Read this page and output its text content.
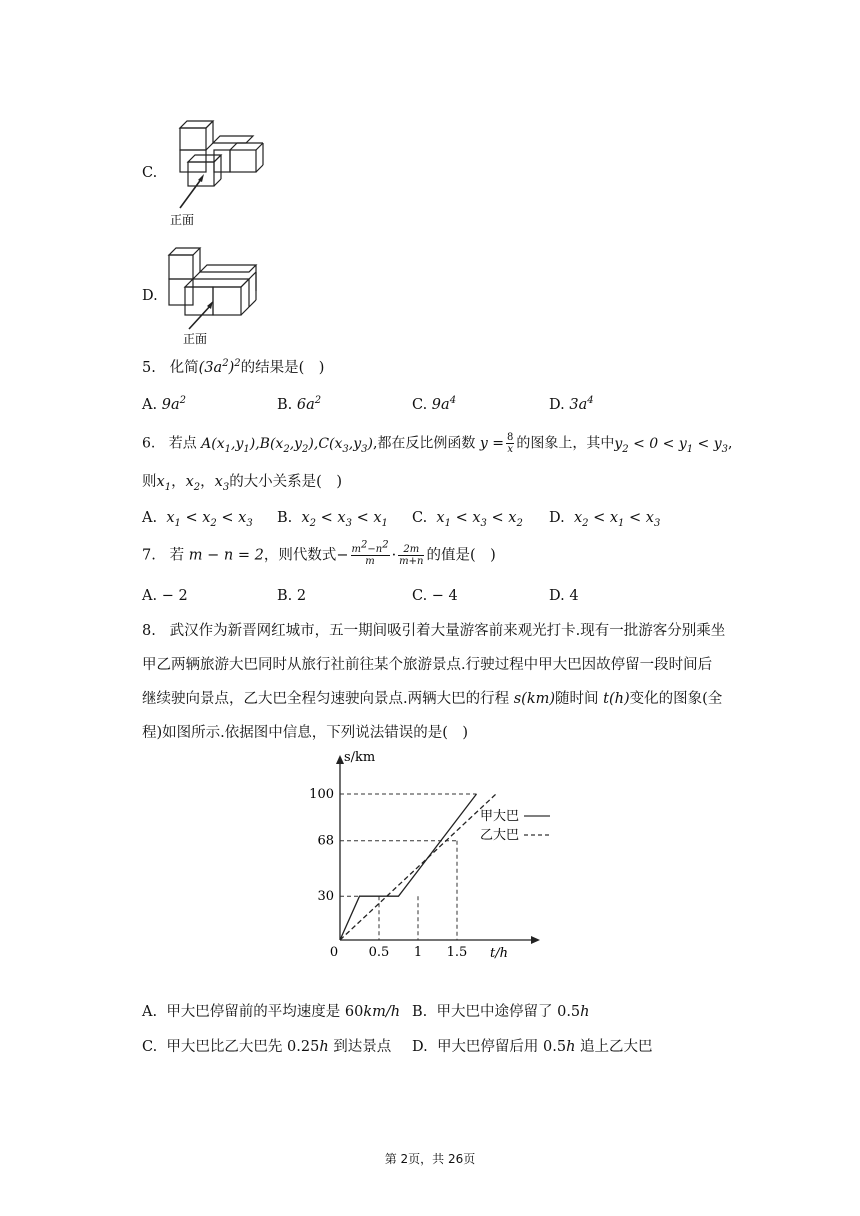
C.
正面
D.
正面
5. 化简$(3a^2)^2$的结果是(　)
A. $9a^2$	B. $6a^2$	C. $9a^4$	D. $3a^4$
6. 若点 $A(x_1,y_1),B(x_2,y_2),C(x_3,y_3)$,都在反比例函数 $y = \frac{8}{x}$ 的图象上，其中$y_2 < 0 < y_1 < y_3$,
则$x_1$，$x_2$，$x_3$的大小关系是(　)
A. $x_1 < x_2 < x_3$ B. $x_2 < x_3 < x_1$ C. $x_1 < x_3 < x_2$ D. $x_2 < x_1 < x_3$
7. 若 m − n = 2，则代数式− $\frac{m^2-n^2}{m} \cdot \frac{2m}{m+n}$ 的值是(　)
A. − 2	B. 2	C. − 4	D. 4
8. 武汉作为新晋网红城市，五一期间吸引着大量游客前来观光打卡.现有一批游客分别乘坐
甲乙两辆旅游大巴同时从旅行社前往某个旅游景点.行驶过程中甲大巴因故停留一段时间后
继续驶向景点，乙大巴全程匀速驶向景点.两辆大巴的行程 s(km)随时间 t(h)变化的图象(全
程)如图所示.依据图中信息，下列说法错误的是(　)
30
68
100
0 0.5 1 1.5
甲大巴
乙大巴
s/km
t/h
A. 甲大巴停留前的平均速度是 60km/h B. 甲大巴中途停留了 0.5h
C. 甲大巴比乙大巴先 0.25h 到达景点 D. 甲大巴停留后用 0.5h 追上乙大巴
第 2页，共 26页
